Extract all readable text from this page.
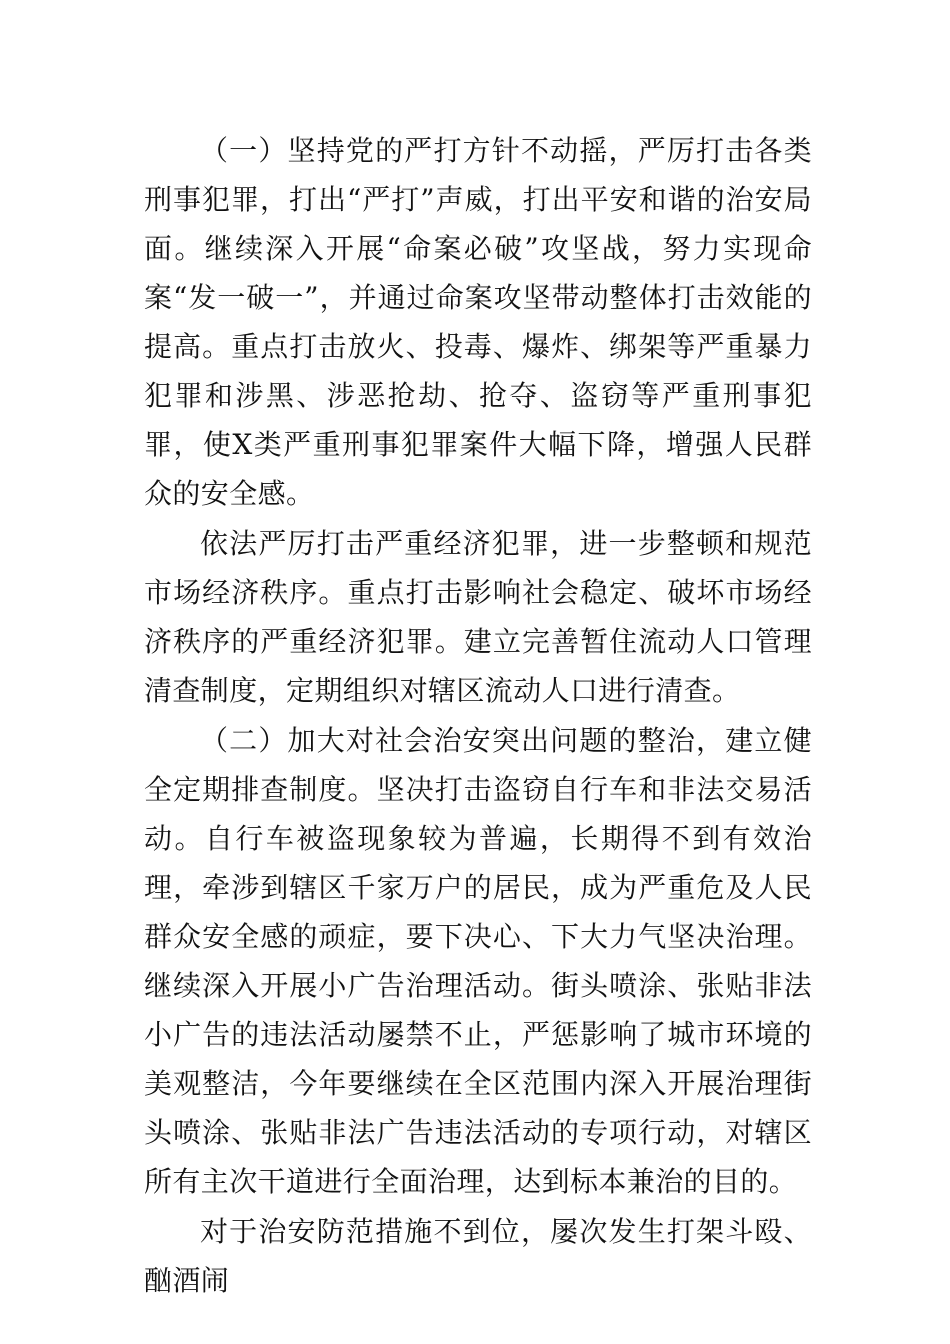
（一）坚持党的严打方针不动摇，严厉打击各类刑事犯罪，打出“严打”声威，打出平安和谐的治安局面。继续深入开展“命案必破”攻坚战，努力实现命案“发一破一”，并通过命案攻坚带动整体打击效能的提高。重点打击放火、投毒、爆炸、绑架等严重暴力犯罪和涉黑、涉恶抢劫、抢夺、盗窃等严重刑事犯罪，使X类严重刑事犯罪案件大幅下降，增强人民群众的安全感。

依法严厉打击严重经济犯罪，进一步整顿和规范市场经济秩序。重点打击影响社会稳定、破坏市场经济秩序的严重经济犯罪。建立完善暂住流动人口管理清查制度，定期组织对辖区流动人口进行清查。

（二）加大对社会治安突出问题的整治，建立健全定期排查制度。坚决打击盗窃自行车和非法交易活动。自行车被盗现象较为普遍，长期得不到有效治理，牵涉到辖区千家万户的居民，成为严重危及人民群众安全感的顽症，要下决心、下大力气坚决治理。继续深入开展小广告治理活动。街头喷涂、张贴非法小广告的违法活动屡禁不止，严惩影响了城市环境的美观整洁，今年要继续在全区范围内深入开展治理街头喷涂、张贴非法广告违法活动的专项行动，对辖区所有主次干道进行全面治理，达到标本兼治的目的。

对于治安防范措施不到位，屡次发生打架斗殴、酗酒闹
